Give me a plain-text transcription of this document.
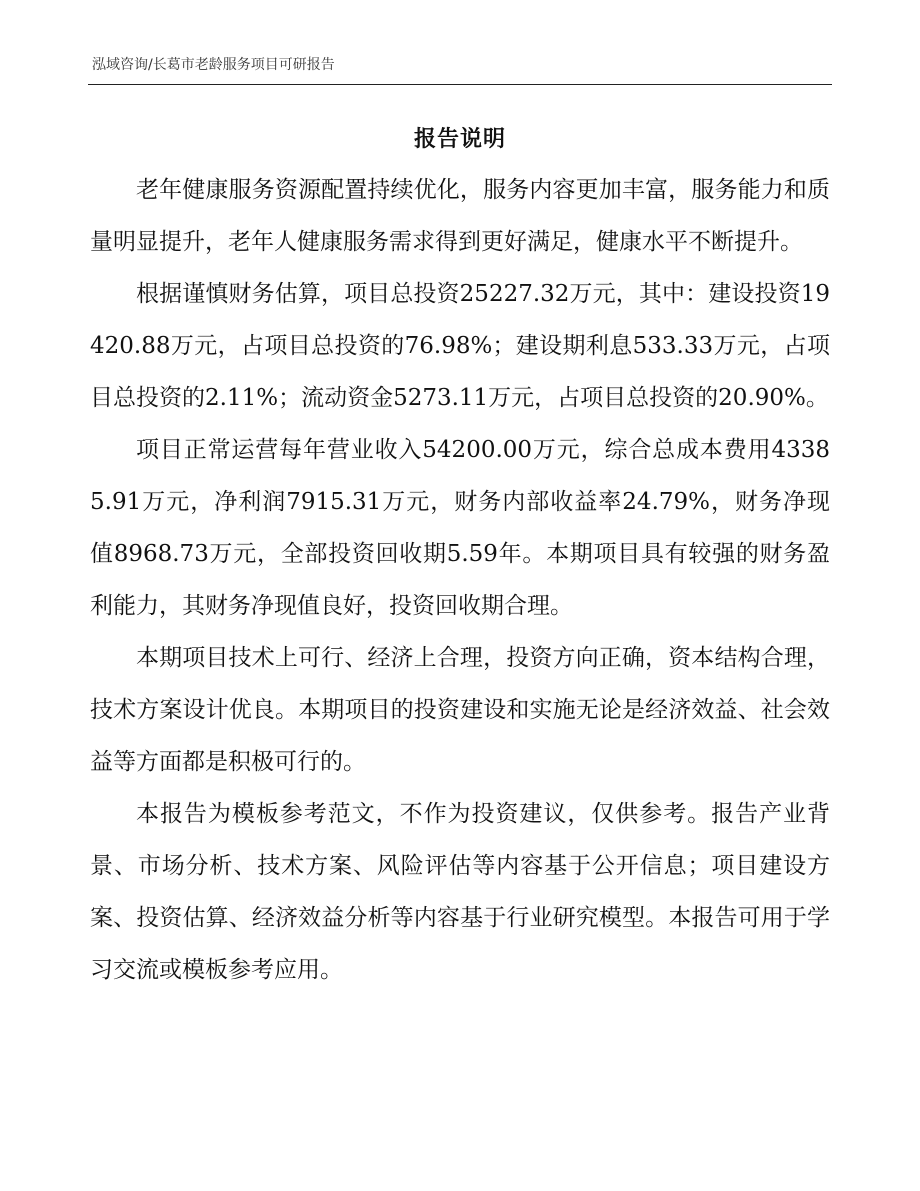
泓域咨询/长葛市老龄服务项目可研报告
报告说明

老年健康服务资源配置持续优化，服务内容更加丰富，服务能力和质量明显提升，老年人健康服务需求得到更好满足，健康水平不断提升。

根据谨慎财务估算，项目总投资25227.32万元，其中：建设投资19420.88万元，占项目总投资的76.98%；建设期利息533.33万元，占项目总投资的2.11%；流动资金5273.11万元，占项目总投资的20.90%。

项目正常运营每年营业收入54200.00万元，综合总成本费用43385.91万元，净利润7915.31万元，财务内部收益率24.79%，财务净现值8968.73万元，全部投资回收期5.59年。本期项目具有较强的财务盈利能力，其财务净现值良好，投资回收期合理。

本期项目技术上可行、经济上合理，投资方向正确，资本结构合理，技术方案设计优良。本期项目的投资建设和实施无论是经济效益、社会效益等方面都是积极可行的。

本报告为模板参考范文，不作为投资建议，仅供参考。报告产业背景、市场分析、技术方案、风险评估等内容基于公开信息；项目建设方案、投资估算、经济效益分析等内容基于行业研究模型。本报告可用于学习交流或模板参考应用。
